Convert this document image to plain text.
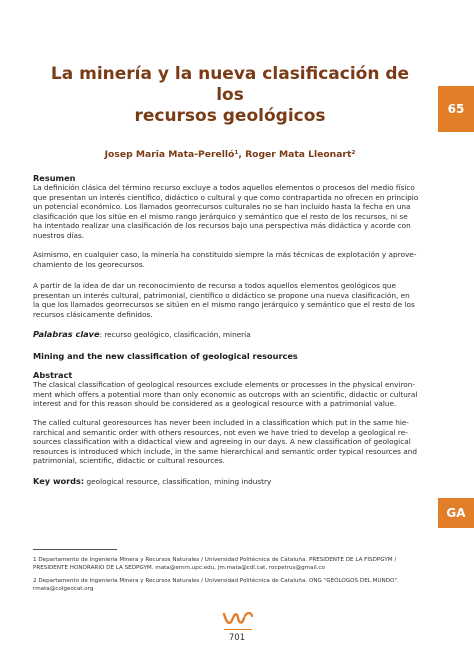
65
GA
La minería y la nueva clasificación de los
recursos geológicos
Josep Maria Mata-Perelló¹, Roger Mata Lleonart²
Resumen
La definición clásica del término recurso excluye a todos aquellos elementos o procesos del medio físico
que presentan un interés científico, didáctico o cultural y que como contrapartida no ofrecen en principio
un potencial económico. Los llamados georrecursos culturales no se han incluido hasta la fecha en una
clasificación que los sitúe en el mismo rango jerárquico y semántico que el resto de los recursos, ni se
ha intentado realizar una clasificación de los recursos bajo una perspectiva más didáctica y acorde con
nuestros días.
Asimismo, en cualquier caso, la minería ha constituido siempre la más técnicas de explotación y aprove-
chamiento de los georecursos.
A partir de la idea de dar un reconocimiento de recurso a todos aquellos elementos geológicos que
presentan un interés cultural, patrimonial, científico o didáctico se propone una nueva clasificación, en
la que los llamados georrecursos se sitúen en el mismo rango jerárquico y semántico que el resto de los
recursos clásicamente definidos.
Palabras clave: recurso geológico, clasificación, minería
Mining and the new classification of geological resources
Abstract
The clasical classification of geological resources exclude elements or processes in the physical environ-
ment which offers a potential more than only economic as outcrops with an scientific, didactic or cultural
interest and for this reason should be considered as a geological resource with a patrimonial value.
The called cultural georesources has never been included in a classification which put in the same hie-
rarchical and semantic order with others resources, not even we have tried to develop a geological re-
sources classification with a didactical view and agreeing in our days. A new classification of geological
resources is introduced which include, in the same hierarchical and semantic order typical resources and
patrimonial, scientific, didactic or cultural resources.
Key words: geological resource, classification, mining industry
1 Departamento de Ingeniería Minera y Recursos Naturales / Universidad Politécnica de Cataluña. PRESIDENTE DE LA FISDPGYM /
PRESIDENTE HONORARIO DE LA SEDPGYM. mata@emrn.upc.edu, jm.mata@cdl.cat, rocpetrus@gmail.co
2 Departamento de Ingeniería Minera y Recursos Naturales / Universidad Politécnica de Cataluña. ONG "GEÓLOGOS DEL MUNDO".
rmata@colgeocat.org
701
